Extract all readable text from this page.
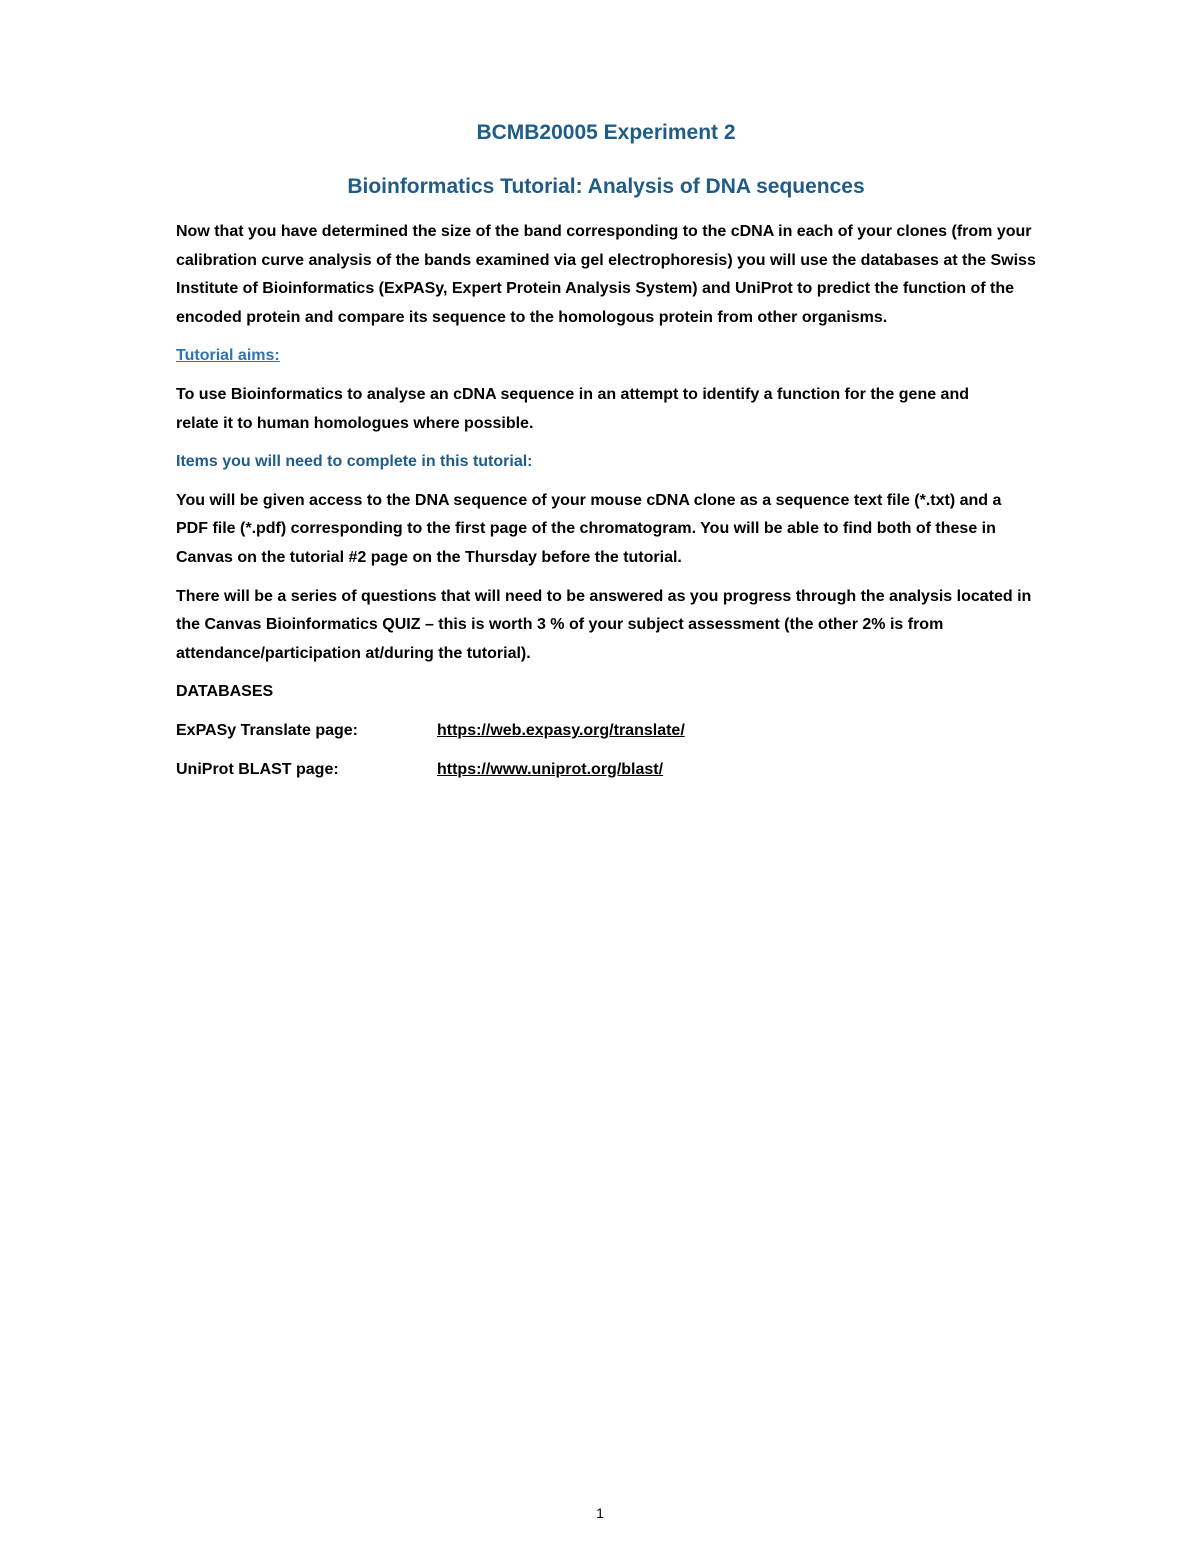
BCMB20005 Experiment 2
Bioinformatics Tutorial: Analysis of DNA sequences

Now that you have determined the size of the band corresponding to the cDNA in each of your clones (from your calibration curve analysis of the bands examined via gel electrophoresis) you will use the databases at the Swiss Institute of Bioinformatics (ExPASy, Expert Protein Analysis System) and UniProt to predict the function of the encoded protein and compare its sequence to the homologous protein from other organisms.

Tutorial aims:

To use Bioinformatics to analyse an cDNA sequence in an attempt to identify a function for the gene and relate it to human homologues where possible.

Items you will need to complete in this tutorial:

You will be given access to the DNA sequence of your mouse cDNA clone as a sequence text file (*.txt) and a PDF file (*.pdf) corresponding to the first page of the chromatogram. You will be able to find both of these in Canvas on the tutorial #2 page on the Thursday before the tutorial.

There will be a series of questions that will need to be answered as you progress through the analysis located in the Canvas Bioinformatics QUIZ – this is worth 3 % of your subject assessment (the other 2% is from attendance/participation at/during the tutorial).

DATABASES

ExPASy Translate page:	https://web.expasy.org/translate/
UniProt BLAST page:	https://www.uniprot.org/blast/
1
